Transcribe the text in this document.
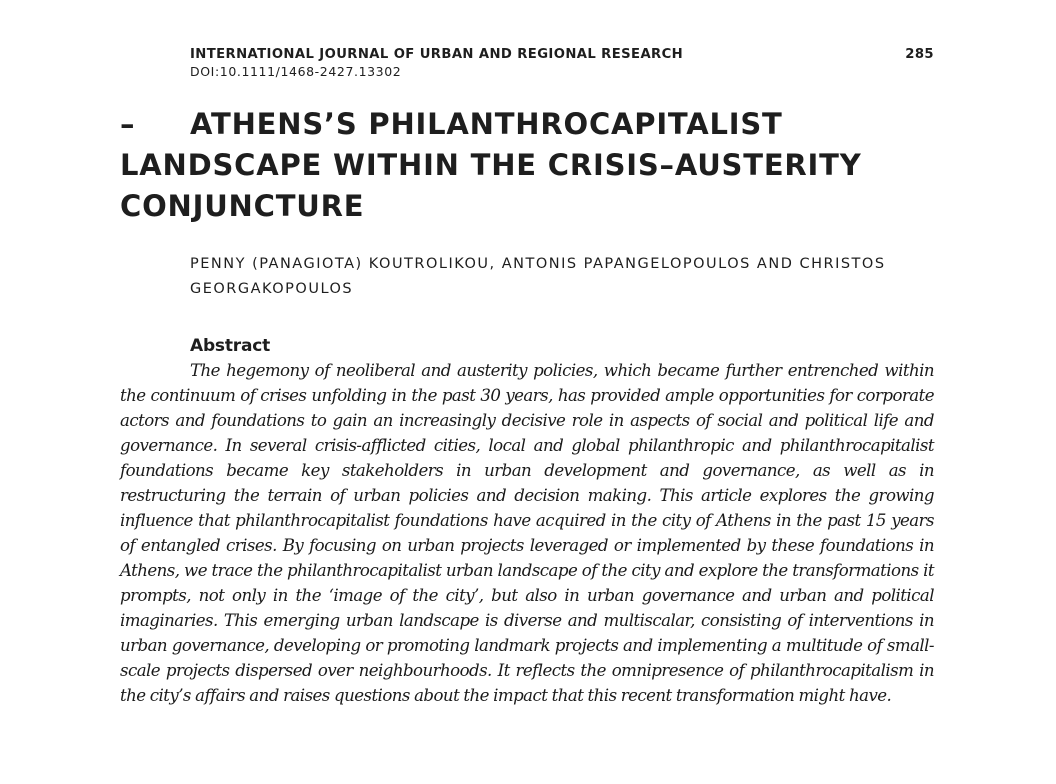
INTERNATIONAL JOURNAL OF URBAN AND REGIONAL RESEARCH	285
DOI:10.1111/1468-2427.13302
– ATHENS’S PHILANTHROCAPITALIST LANDSCAPE WITHIN THE CRISIS–AUSTERITY CONJUNCTURE
PENNY (PANAGIOTA) KOUTROLIKOU, ANTONIS PAPANGELOPOULOS AND CHRISTOS GEORGAKOPOULOS
Abstract

The hegemony of neoliberal and austerity policies, which became further entrenched within the continuum of crises unfolding in the past 30 years, has provided ample opportunities for corporate actors and foundations to gain an increasingly decisive role in aspects of social and political life and governance. In several crisis-afflicted cities, local and global philanthropic and philanthrocapitalist foundations became key stakeholders in urban development and governance, as well as in restructuring the terrain of urban policies and decision making. This article explores the growing influence that philanthrocapitalist foundations have acquired in the city of Athens in the past 15 years of entangled crises. By focusing on urban projects leveraged or implemented by these foundations in Athens, we trace the philanthrocapitalist urban landscape of the city and explore the transformations it prompts, not only in the ‘image of the city’, but also in urban governance and urban and political imaginaries. This emerging urban landscape is diverse and multiscalar, consisting of interventions in urban governance, developing or promoting landmark projects and implementing a multitude of small-scale projects dispersed over neighbourhoods. It reflects the omnipresence of philanthrocapitalism in the city’s affairs and raises questions about the impact that this recent transformation might have.
